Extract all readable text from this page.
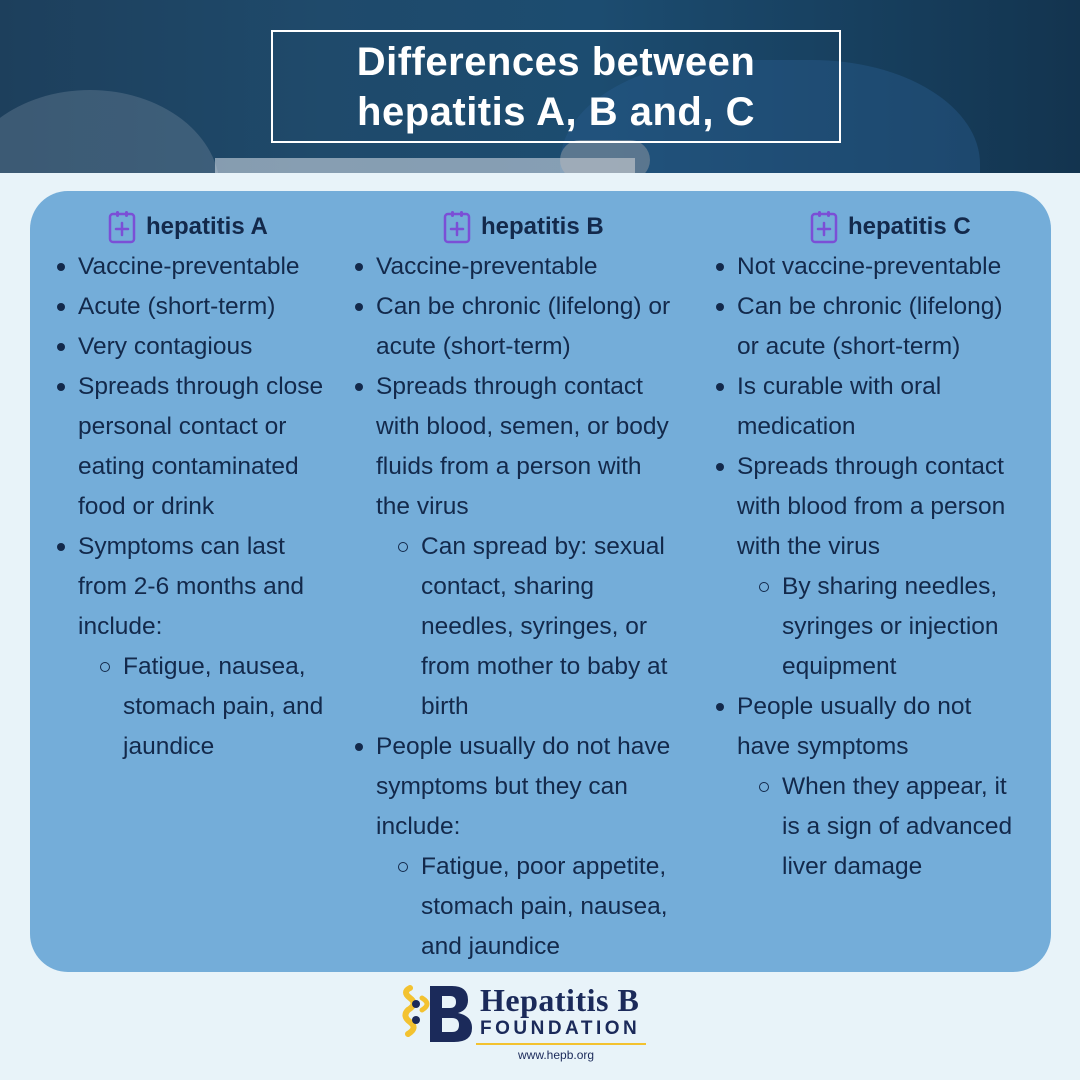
Differences between
hepatitis A, B and, C
hepatitis A
Vaccine-preventable
Acute (short-term)
Very contagious
Spreads through close
personal contact or
eating contaminated
food or drink
Symptoms can last
from 2-6 months and
include:
Fatigue, nausea,
stomach pain, and
jaundice
hepatitis B
Vaccine-preventable
Can be chronic (lifelong) or
acute (short-term)
Spreads through contact
with blood, semen, or body
fluids from a person with
the virus
Can spread by: sexual
contact, sharing
needles, syringes, or
from mother to baby at
birth
People usually do not have
symptoms but they can
include:
Fatigue, poor appetite,
stomach pain, nausea,
and jaundice
hepatitis C
Not vaccine-preventable
Can be chronic (lifelong)
or acute (short-term)
Is curable with oral
medication
Spreads through contact
with blood from a person
with the virus
By sharing needles,
syringes or injection
equipment
People usually do not
have symptoms
When they appear, it
is a sign of advanced
liver damage
Hepatitis B
FOUNDATION
www.hepb.org
